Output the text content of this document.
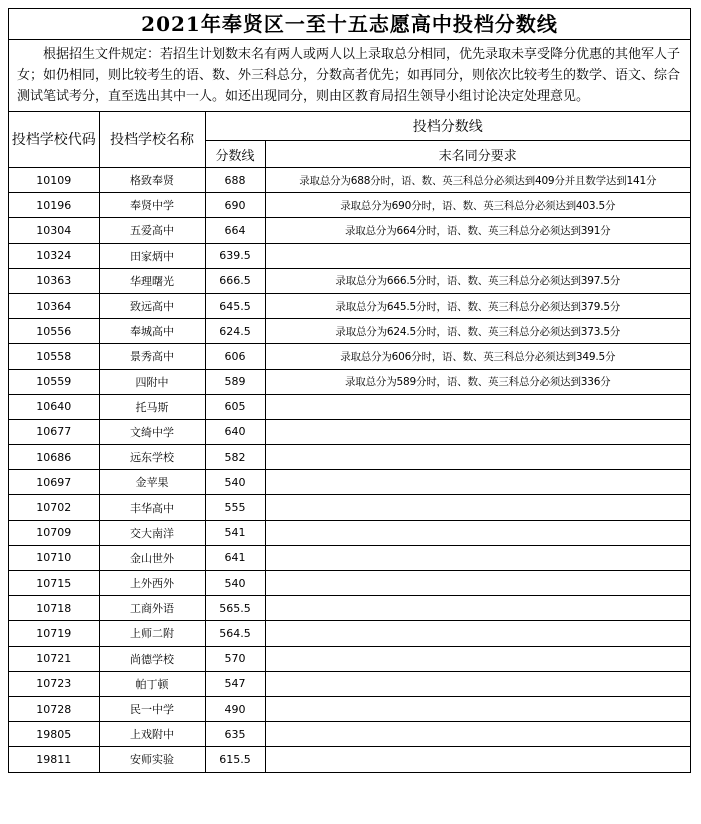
2021年奉贤区一至十五志愿高中投档分数线
根据招生文件规定：若招生计划数末名有两人或两人以上录取总分相同，优先录取未享受降分优惠的其他军人子女；如仍相同，则比较考生的语、数、外三科总分，分数高者优先；如再同分，则依次比较考生的数学、语文、综合测试笔试考分，直至选出其中一人。如还出现同分，则由区教育局招生领导小组讨论决定处理意见。
投档学校代码	投档学校名称	投档分数线	
		分数线	末名同分要求
10109	格致奉贤	688	录取总分为688分时，语、数、英三科总分必须达到409分并且数学达到141分
10196	奉贤中学	690	录取总分为690分时，语、数、英三科总分必须达到403.5分
10304	五爱高中	664	录取总分为664分时，语、数、英三科总分必须达到391分
10324	田家炳中	639.5	
10363	华理曙光	666.5	录取总分为666.5分时，语、数、英三科总分必须达到397.5分
10364	致远高中	645.5	录取总分为645.5分时，语、数、英三科总分必须达到379.5分
10556	奉城高中	624.5	录取总分为624.5分时，语、数、英三科总分必须达到373.5分
10558	景秀高中	606	录取总分为606分时，语、数、英三科总分必须达到349.5分
10559	四附中	589	录取总分为589分时，语、数、英三科总分必须达到336分
10640	托马斯	605	
10677	文绮中学	640	
10686	远东学校	582	
10697	金苹果	540	
10702	丰华高中	555	
10709	交大南洋	541	
10710	金山世外	641	
10715	上外西外	540	
10718	工商外语	565.5	
10719	上师二附	564.5	
10721	尚德学校	570	
10723	帕丁顿	547	
10728	民一中学	490	
19805	上戏附中	635	
19811	安师实验	615.5	
